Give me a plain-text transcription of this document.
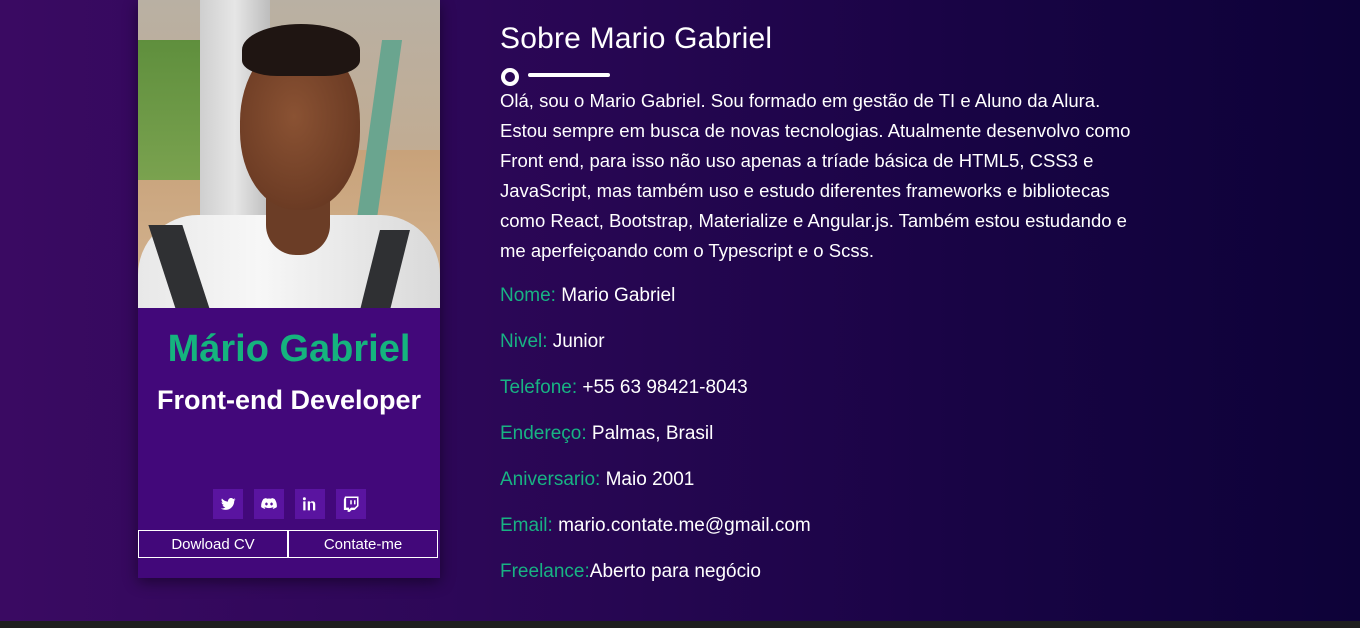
Mário Gabriel
Front-end Developer
Dowload CV	Contate-me
Sobre Mario Gabriel

Olá, sou o Mario Gabriel. Sou formado em gestão de TI e Aluno da Alura. Estou sempre em busca de novas tecnologias. Atualmente desenvolvo como Front end, para isso não uso apenas a tríade básica de HTML5, CSS3 e JavaScript, mas também uso e estudo diferentes frameworks e bibliotecas como React, Bootstrap, Materialize e Angular.js. Também estou estudando e me aperfeiçoando com o Typescript e o Scss.

Nome: Mario Gabriel
Nivel: Junior
Telefone: +55 63 98421-8043
Endereço: Palmas, Brasil
Aniversario: Maio 2001
Email: mario.contate.me@gmail.com
Freelance:Aberto para negócio
